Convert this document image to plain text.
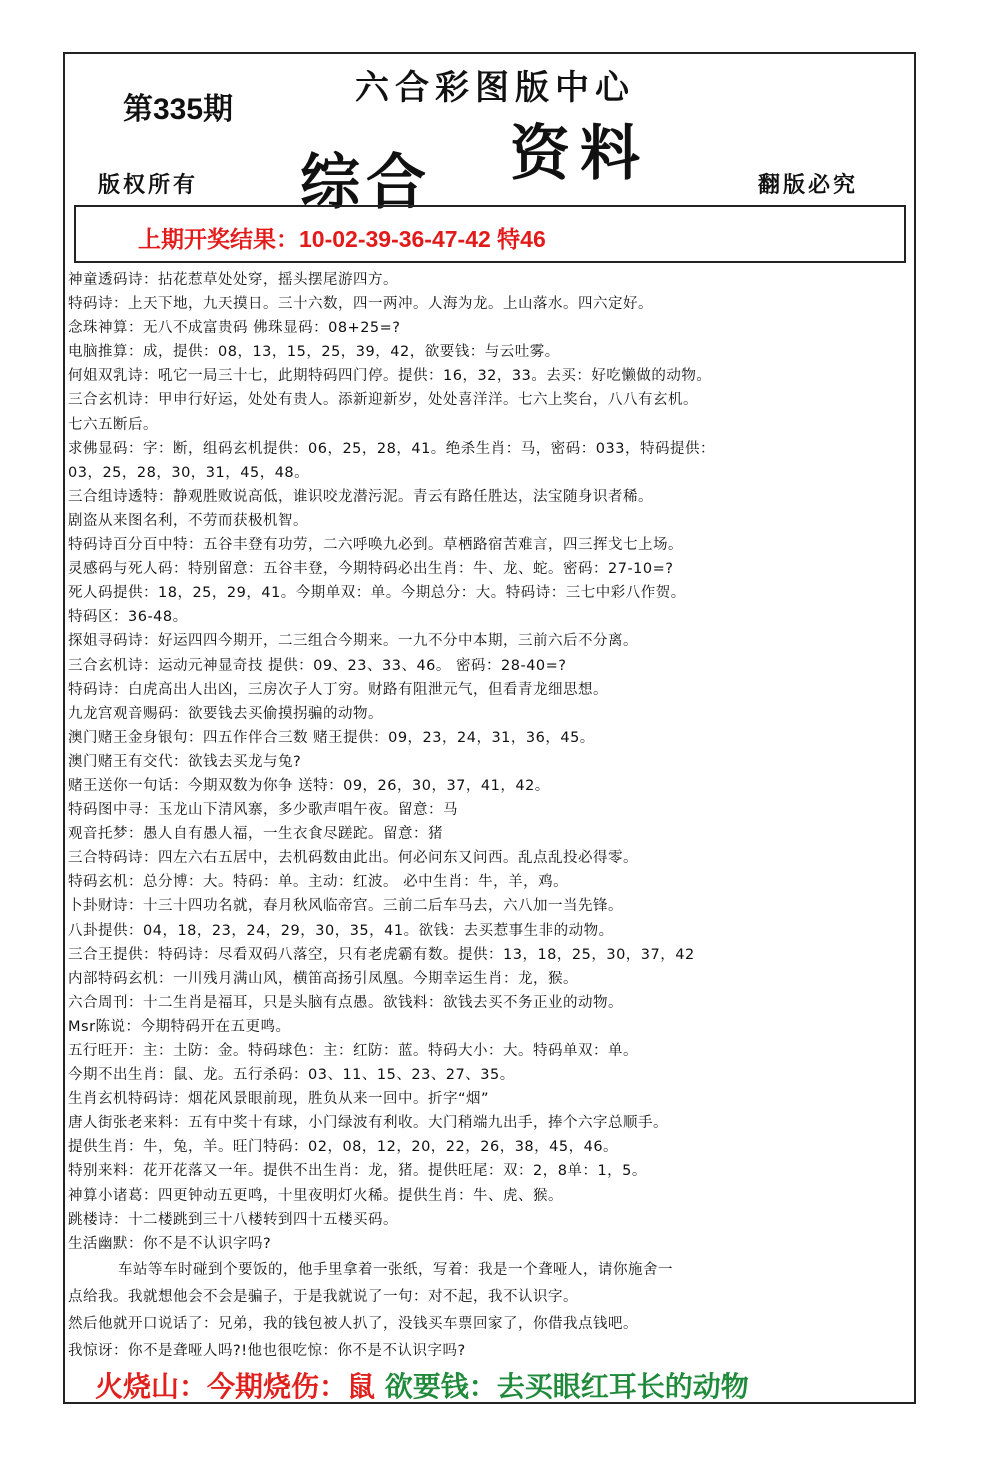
第335期
六合彩图版中心
资料
综合
版权所有	翻版必究
上期开奖结果：10-02-39-36-47-42 特46
神童透码诗：拈花惹草处处穿，摇头摆尾游四方。
特码诗：上天下地，九天摸日。三十六数，四一两冲。人海为龙。上山落水。四六定好。
念珠神算：无八不成富贵码 佛珠显码：08+25=?
电脑推算：成，提供：08，13，15，25，39，42，欲要钱：与云吐雾。
何姐双乳诗：吼它一局三十七，此期特码四门停。提供：16，32，33。去买：好吃懒做的动物。
三合玄机诗：甲申行好运，处处有贵人。添新迎新岁，处处喜洋洋。七六上奖台，八八有玄机。
七六五断后。
求佛显码：字：断，组码玄机提供：06，25，28，41。绝杀生肖：马，密码：033，特码提供：
03，25，28，30，31，45，48。
三合组诗透特：静观胜败说高低，谁识咬龙潜污泥。青云有路任胜达，法宝随身识者稀。
剧盗从来图名利，不劳而获极机智。
特码诗百分百中特：五谷丰登有功劳，二六呼唤九必到。草栖路宿苦难言，四三挥戈七上场。
灵感码与死人码：特别留意：五谷丰登，今期特码必出生肖：牛、龙、蛇。密码：27-10=?
死人码提供：18，25，29，41。今期单双：单。今期总分：大。特码诗：三七中彩八作贺。
特码区：36-48。
探姐寻码诗：好运四四今期开，二三组合今期来。一九不分中本期，三前六后不分离。
三合玄机诗：运动元神显奇技 提供：09、23、33、46。 密码：28-40=?
特码诗：白虎高出人出凶，三房次子人丁穷。财路有阻泄元气，但看青龙细思想。
九龙宫观音赐码：欲要钱去买偷摸拐骗的动物。
澳门赌王金身银句：四五作伴合三数 赌王提供：09，23，24，31，36，45。
澳门赌王有交代：欲钱去买龙与兔?
赌王送你一句话：今期双数为你争 送特：09，26，30，37，41，42。
特码图中寻：玉龙山下清风寨，多少歌声唱午夜。留意：马
观音托梦：愚人自有愚人福，一生衣食尽蹉跎。留意：猪
三合特码诗：四左六右五居中，去机码数由此出。何必问东又问西。乱点乱投必得零。
特码玄机：总分博：大。特码：单。主动：红波。 必中生肖：牛，羊，鸡。
卜卦财诗：十三十四功名就，春月秋风临帝宫。三前二后车马去，六八加一当先锋。
八卦提供：04，18，23，24，29，30，35，41。欲钱：去买惹事生非的动物。
三合王提供：特码诗：尽看双码八落空，只有老虎霸有数。提供：13，18，25，30，37，42
内部特码玄机：一川残月满山风，横笛高扬引凤凰。今期幸运生肖：龙，猴。
六合周刊：十二生肖是福耳，只是头脑有点愚。欲钱料：欲钱去买不务正业的动物。
Msr陈说：今期特码开在五更鸣。
五行旺开：主：土防：金。特码球色：主：红防：蓝。特码大小：大。特码单双：单。
今期不出生肖：鼠、龙。五行杀码：03、11、15、23、27、35。
生肖玄机特码诗：烟花风景眼前现，胜负从来一回中。折字“烟”
唐人街张老来料：五有中奖十有球，小门绿波有利收。大门稍端九出手，捧个六字总顺手。
提供生肖：牛，兔，羊。旺门特码：02，08，12，20，22，26，38，45，46。
特别来料：花开花落又一年。提供不出生肖：龙，猪。提供旺尾：双：2，8单：1，5。
神算小诸葛：四更钟动五更鸣，十里夜明灯火稀。提供生肖：牛、虎、猴。
跳楼诗：十二楼跳到三十八楼转到四十五楼买码。
生活幽默：你不是不认识字吗?
车站等车时碰到个要饭的，他手里拿着一张纸，写着：我是一个聋哑人，请你施舍一
点给我。我就想他会不会是骗子，于是我就说了一句：对不起，我不认识字。
然后他就开口说话了：兄弟，我的钱包被人扒了，没钱买车票回家了，你借我点钱吧。
我惊讶：你不是聋哑人吗?!他也很吃惊：你不是不认识字吗?
火烧山：今期烧伤：鼠 欲要钱：去买眼红耳长的动物
